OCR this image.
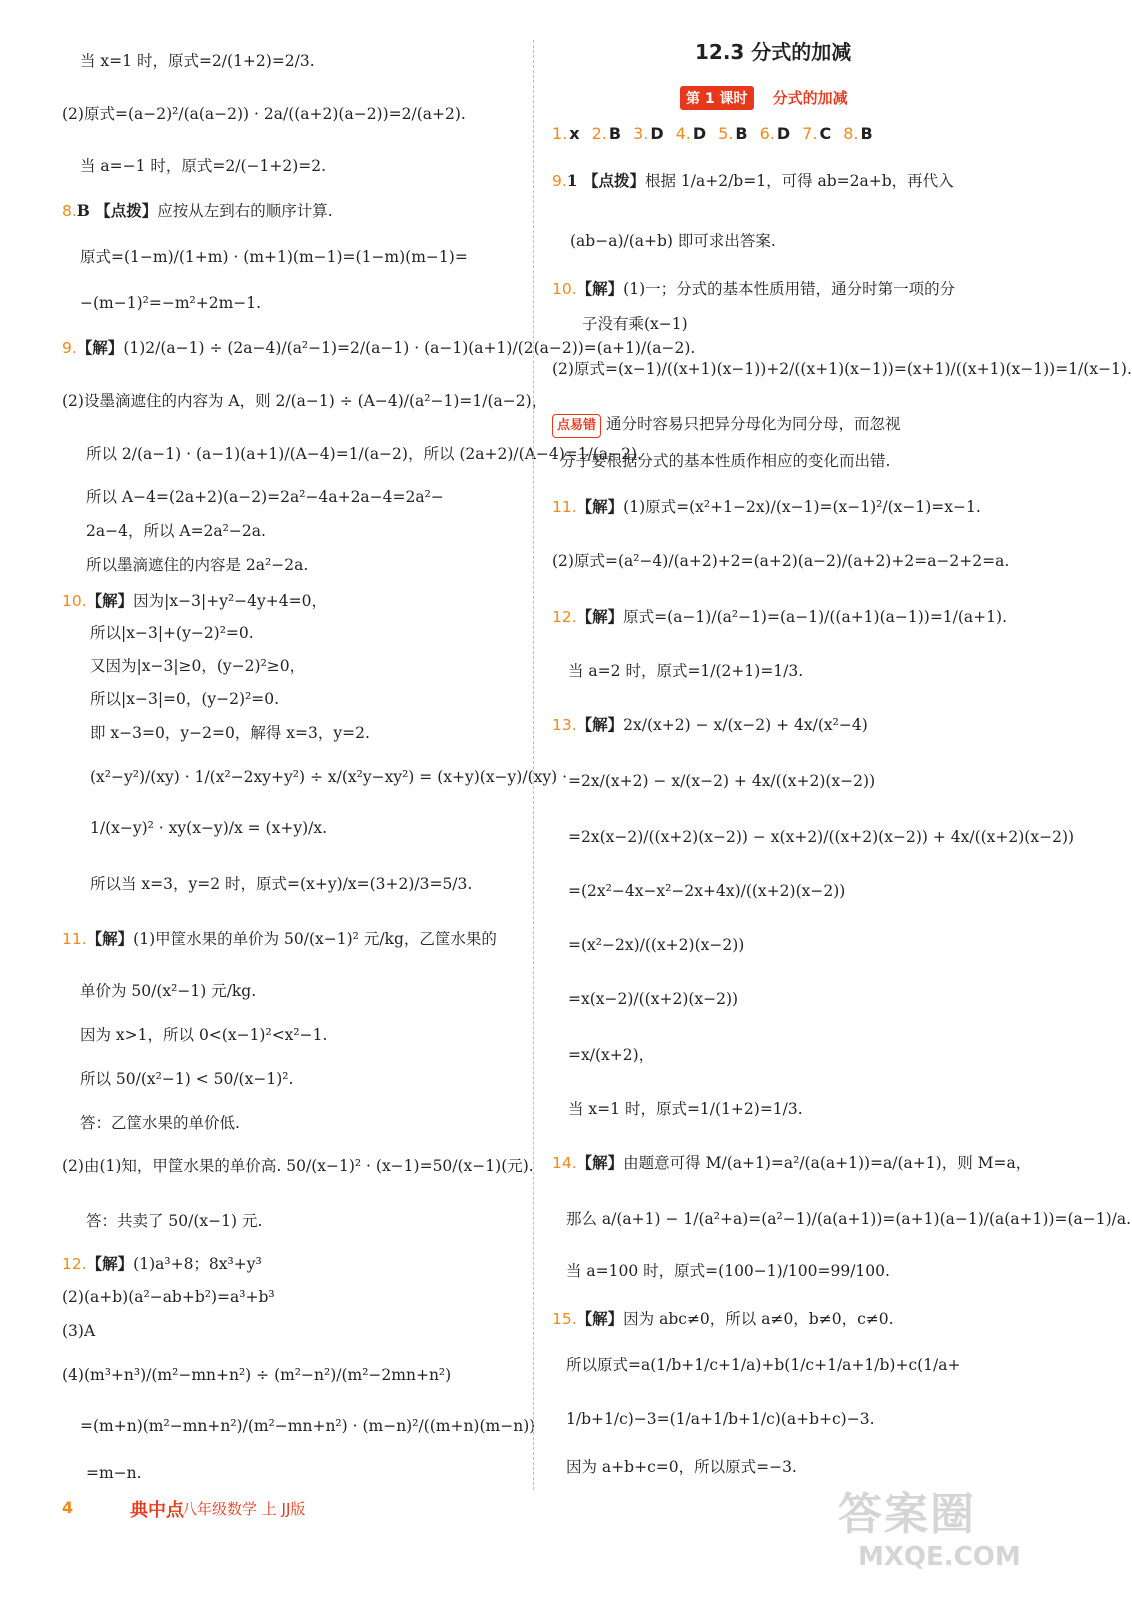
当 x=1 时，原式=2/(1+2)=2/3.
(2)原式=(a−2)²/(a(a−2)) · 2a/((a+2)(a−2))=2/(a+2).
当 a=−1 时，原式=2/(−1+2)=2.
8.B 【点拨】应按从左到右的顺序计算.
原式=(1−m)/(1+m) · (m+1)(m−1)=(1−m)(m−1)=
−(m−1)²=−m²+2m−1.
9.【解】(1)2/(a−1) ÷ (2a−4)/(a²−1)=2/(a−1) · (a−1)(a+1)/(2(a−2))=(a+1)/(a−2).
(2)设墨滴遮住的内容为 A，则 2/(a−1) ÷ (A−4)/(a²−1)=1/(a−2)，
所以 2/(a−1) · (a−1)(a+1)/(A−4)=1/(a−2)，所以 (2a+2)/(A−4)=1/(a−2).
所以 A−4=(2a+2)(a−2)=2a²−4a+2a−4=2a²−
2a−4，所以 A=2a²−2a.
所以墨滴遮住的内容是 2a²−2a.
10.【解】因为|x−3|+y²−4y+4=0，
所以|x−3|+(y−2)²=0.
又因为|x−3|≥0，(y−2)²≥0，
所以|x−3|=0，(y−2)²=0.
即 x−3=0，y−2=0，解得 x=3，y=2.
(x²−y²)/(xy) · 1/(x²−2xy+y²) ÷ x/(x²y−xy²) = (x+y)(x−y)/(xy) ·
1/(x−y)² · xy(x−y)/x = (x+y)/x.
所以当 x=3，y=2 时，原式=(x+y)/x=(3+2)/3=5/3.
11.【解】(1)甲筐水果的单价为 50/(x−1)² 元/kg，乙筐水果的
单价为 50/(x²−1) 元/kg.
因为 x>1，所以 0<(x−1)²<x²−1.
所以 50/(x²−1) < 50/(x−1)².
答：乙筐水果的单价低.
(2)由(1)知，甲筐水果的单价高. 50/(x−1)² · (x−1)=50/(x−1)(元).
答：共卖了 50/(x−1) 元.
12.【解】(1)a³+8；8x³+y³
(2)(a+b)(a²−ab+b²)=a³+b³
(3)A
(4)(m³+n³)/(m²−mn+n²) ÷ (m²−n²)/(m²−2mn+n²)
=(m+n)(m²−mn+n²)/(m²−mn+n²) · (m−n)²/((m+n)(m−n))
=m−n.
12.3 分式的加减
第 1 课时 分式的加减
1. x 2. B 3. D 4. D 5. B 6. D 7. C 8. B
9.1 【点拨】根据 1/a+2/b=1，可得 ab=2a+b，再代入
(ab−a)/(a+b) 即可求出答案.
10.【解】(1)一；分式的基本性质用错，通分时第一项的分
子没有乘(x−1)
(2)原式=(x−1)/((x+1)(x−1))+2/((x+1)(x−1))=(x+1)/((x+1)(x−1))=1/(x−1).
点易错 通分时容易只把异分母化为同分母，而忽视
分子要根据分式的基本性质作相应的变化而出错.
11.【解】(1)原式=(x²+1−2x)/(x−1)=(x−1)²/(x−1)=x−1.
(2)原式=(a²−4)/(a+2)+2=(a+2)(a−2)/(a+2)+2=a−2+2=a.
12.【解】原式=(a−1)/(a²−1)=(a−1)/((a+1)(a−1))=1/(a+1).
当 a=2 时，原式=1/(2+1)=1/3.
13.【解】2x/(x+2) − x/(x−2) + 4x/(x²−4)
=2x/(x+2) − x/(x−2) + 4x/((x+2)(x−2))
=2x(x−2)/((x+2)(x−2)) − x(x+2)/((x+2)(x−2)) + 4x/((x+2)(x−2))
=(2x²−4x−x²−2x+4x)/((x+2)(x−2))
=(x²−2x)/((x+2)(x−2))
=x(x−2)/((x+2)(x−2))
=x/(x+2)，
当 x=1 时，原式=1/(1+2)=1/3.
14.【解】由题意可得 M/(a+1)=a²/(a(a+1))=a/(a+1)，则 M=a，
那么 a/(a+1) − 1/(a²+a)=(a²−1)/(a(a+1))=(a+1)(a−1)/(a(a+1))=(a−1)/a.
当 a=100 时，原式=(100−1)/100=99/100.
15.【解】因为 abc≠0，所以 a≠0，b≠0，c≠0.
所以原式=a(1/b+1/c+1/a)+b(1/c+1/a+1/b)+c(1/a+
1/b+1/c)−3=(1/a+1/b+1/c)(a+b+c)−3.
因为 a+b+c=0，所以原式=−3.
4	典中点
八年级数学 上 JJ版	答案圈
MXQE.COM
